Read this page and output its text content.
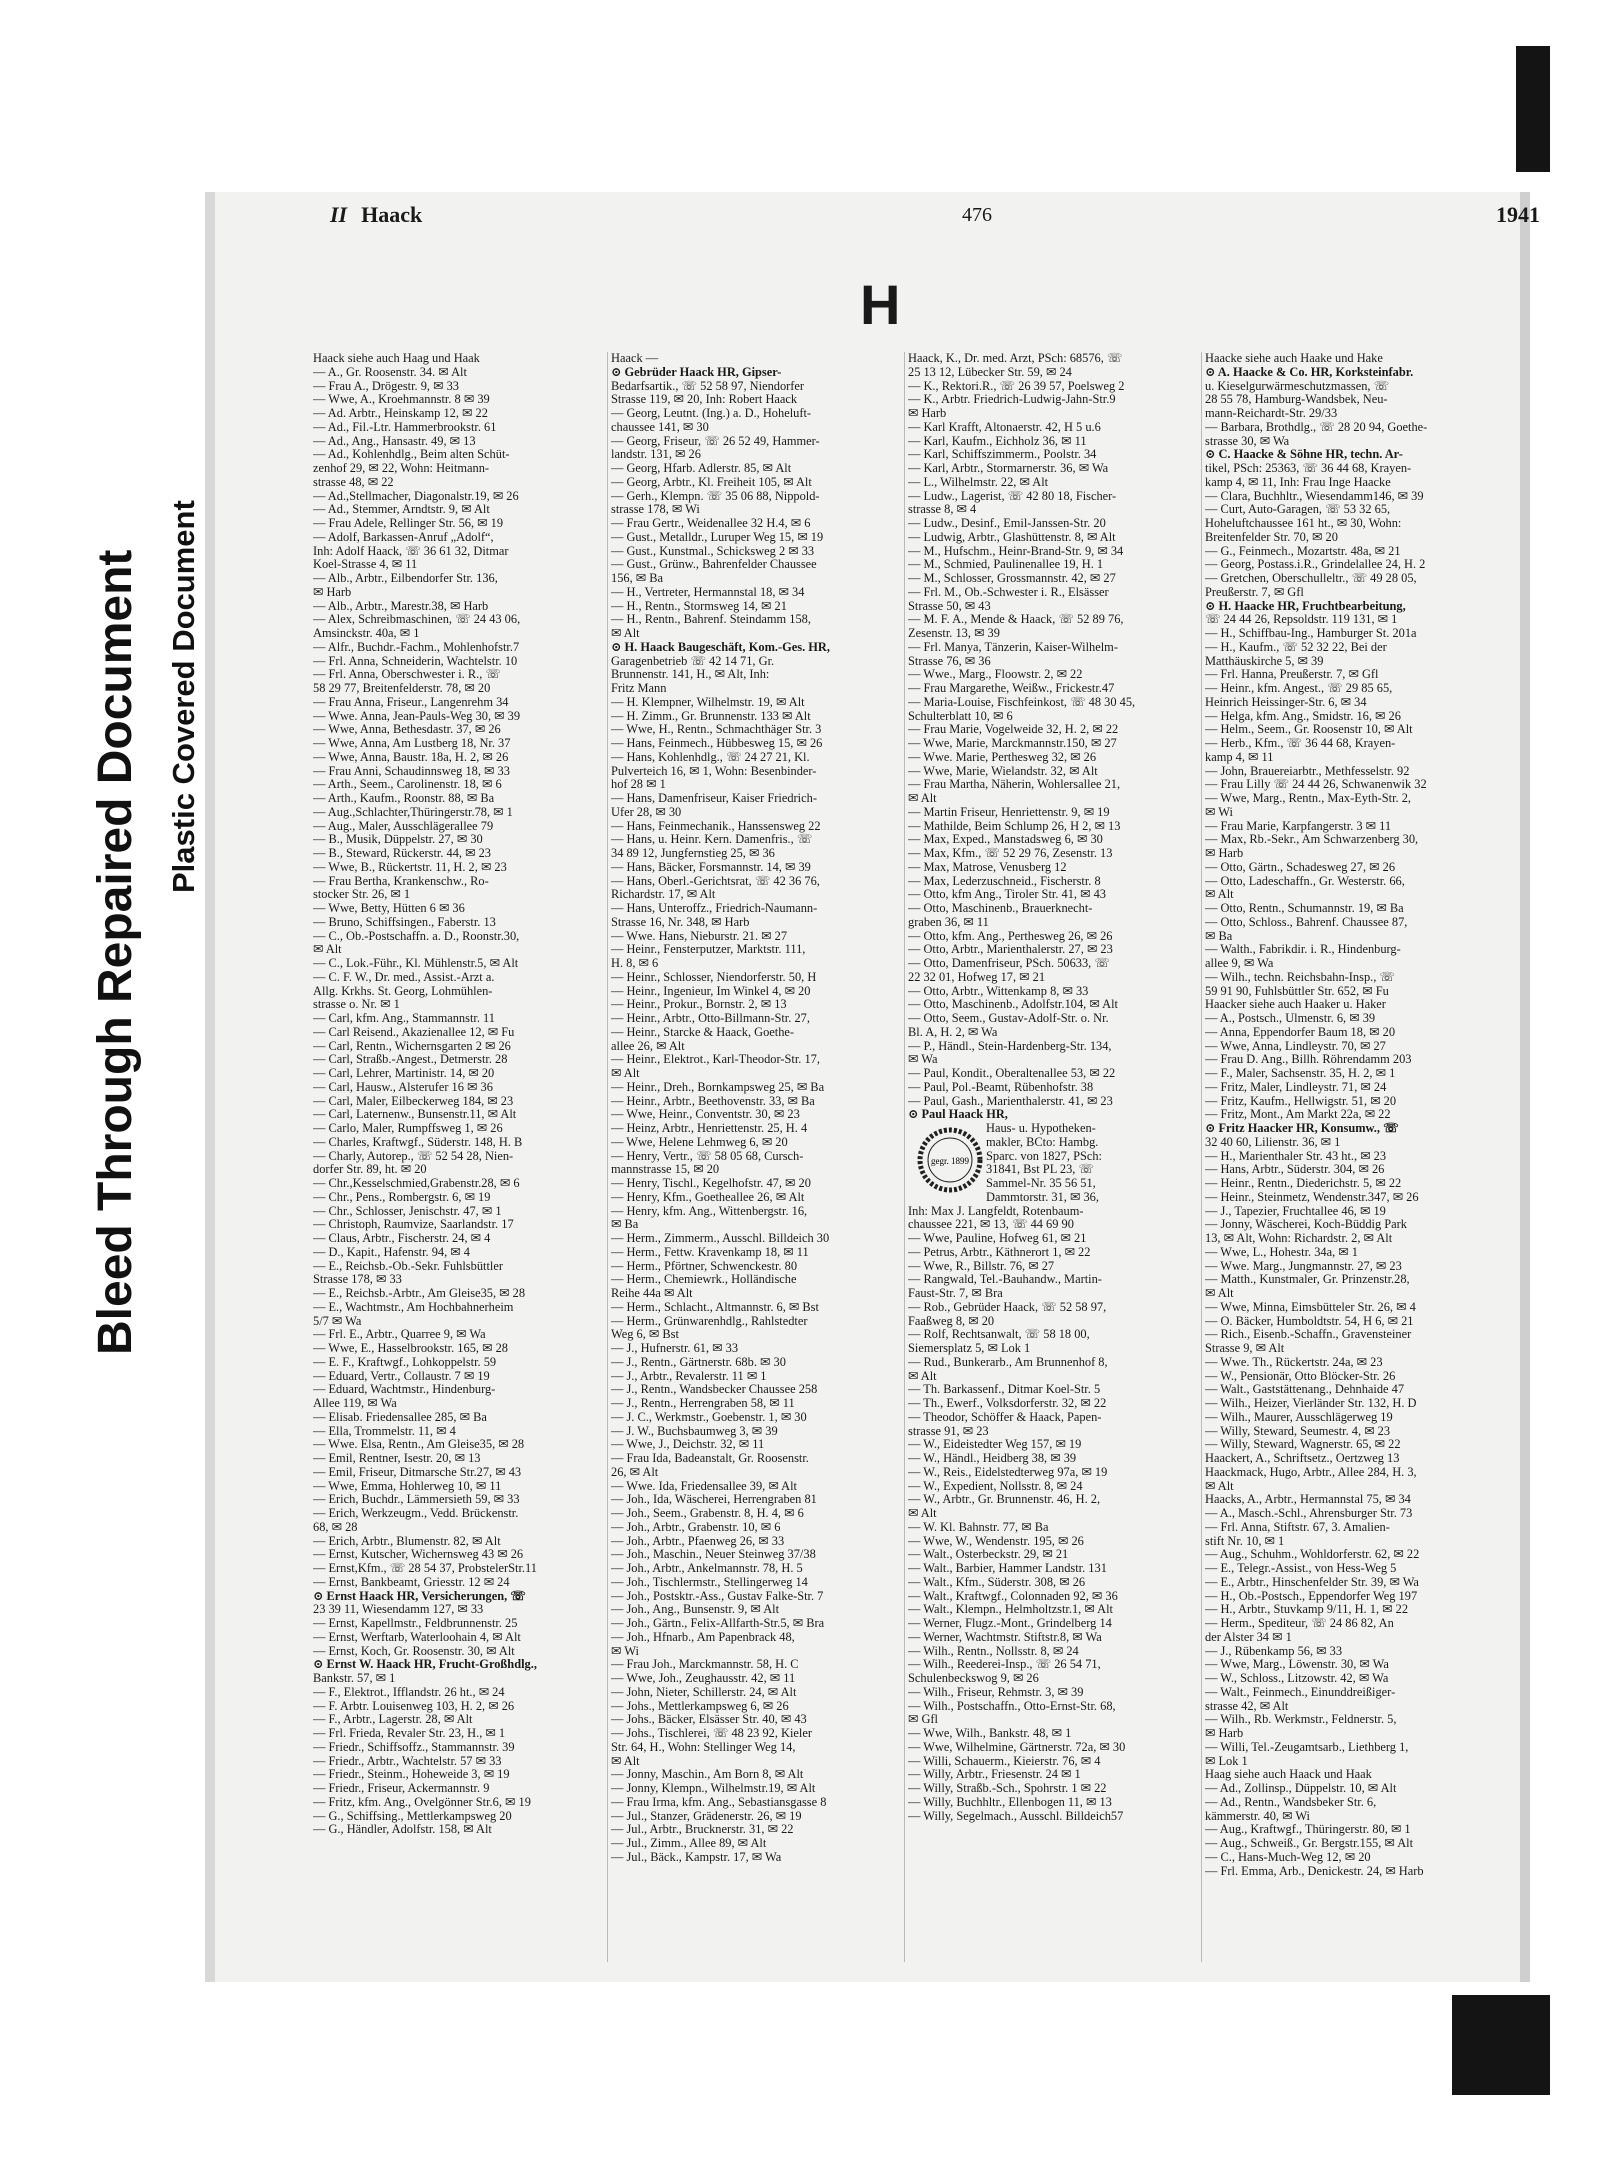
Bleed Through Repaired Document Plastic Covered Document
II Haack	476	1941
H
Haack siehe auch Haag und Haak
— A., Gr. Roosenstr. 34. ✉ Alt
— Frau A., Drögestr. 9, ✉ 33
— Wwe, A., Kroehmannstr. 8 ✉ 39
— Ad. Arbtr., Heinskamp 12, ✉ 22
— Ad., Fil.-Ltr. Hammerbrookstr. 61
— Ad., Ang., Hansastr. 49, ✉ 13
— Ad., Kohlenhdlg., Beim alten Schüt-
zenhof 29, ✉ 22, Wohn: Heitmann-
strasse 48, ✉ 22
— Ad.,Stellmacher, Diagonalstr.19, ✉ 26
— Ad., Stemmer, Arndtstr. 9, ✉ Alt
— Frau Adele, Rellinger Str. 56, ✉ 19
— Adolf, Barkassen-Anruf „Adolf“,
Inh: Adolf Haack, ☏ 36 61 32, Ditmar
Koel-Strasse 4, ✉ 11
— Alb., Arbtr., Eilbendorfer Str. 136,
✉ Harb
— Alb., Arbtr., Marestr.38, ✉ Harb
— Alex, Schreibmaschinen, ☏ 24 43 06,
Amsinckstr. 40a, ✉ 1
— Alfr., Buchdr.-Fachm., Mohlenhofstr.7
— Frl. Anna, Schneiderin, Wachtelstr. 10
— Frl. Anna, Oberschwester i. R., ☏
58 29 77, Breitenfelderstr. 78, ✉ 20
— Frau Anna, Friseur., Langenrehm 34
— Wwe. Anna, Jean-Pauls-Weg 30, ✉ 39
— Wwe, Anna, Bethesdastr. 37, ✉ 26
— Wwe, Anna, Am Lustberg 18, Nr. 37
— Wwe, Anna, Baustr. 18a, H. 2, ✉ 26
— Frau Anni, Schaudinnsweg 18, ✉ 33
— Arth., Seem., Carolinenstr. 18, ✉ 6
— Arth., Kaufm., Roonstr. 88, ✉ Ba
— Aug.,Schlachter,Thüringerstr.78, ✉ 1
— Aug., Maler, Ausschlägerallee 79
— B., Musik, Düppelstr. 27, ✉ 30
— B., Steward, Rückerstr. 44, ✉ 23
— Wwe, B., Rückertstr. 11, H. 2, ✉ 23
— Frau Bertha, Krankenschw., Ro-
stocker Str. 26, ✉ 1
— Wwe, Betty, Hütten 6 ✉ 36
— Bruno, Schiffsingen., Faberstr. 13
— C., Ob.-Postschaffn. a. D., Roonstr.30,
✉ Alt
— C., Lok.-Führ., Kl. Mühlenstr.5, ✉ Alt
— C. F. W., Dr. med., Assist.-Arzt a.
Allg. Krkhs. St. Georg, Lohmühlen-
strasse o. Nr. ✉ 1
— Carl, kfm. Ang., Stammannstr. 11
— Carl Reisend., Akazienallee 12, ✉ Fu
— Carl, Rentn., Wichernsgarten 2 ✉ 26
— Carl, Straßb.-Angest., Detmerstr. 28
— Carl, Lehrer, Martinistr. 14, ✉ 20
— Carl, Hausw., Alsterufer 16 ✉ 36
— Carl, Maler, Eilbeckerweg 184, ✉ 23
— Carl, Laternenw., Bunsenstr.11, ✉ Alt
— Carlo, Maler, Rumpffsweg 1, ✉ 26
— Charles, Kraftwgf., Süderstr. 148, H. B
— Charly, Autorep., ☏ 52 54 28, Nien-
dorfer Str. 89, ht. ✉ 20
— Chr.,Kesselschmied,Grabenstr.28, ✉ 6
— Chr., Pens., Rombergstr. 6, ✉ 19
— Chr., Schlosser, Jenischstr. 47, ✉ 1
— Christoph, Raumvize, Saarlandstr. 17
— Claus, Arbtr., Fischerstr. 24, ✉ 4
— D., Kapit., Hafenstr. 94, ✉ 4
— E., Reichsb.-Ob.-Sekr. Fuhlsbüttler
Strasse 178, ✉ 33
— E., Reichsb.-Arbtr., Am Gleise35, ✉ 28
— E., Wachtmstr., Am Hochbahnerheim
5/7 ✉ Wa
— Frl. E., Arbtr., Quarree 9, ✉ Wa
— Wwe, E., Hasselbrookstr. 165, ✉ 28
— E. F., Kraftwgf., Lohkoppelstr. 59
— Eduard, Vertr., Collaustr. 7 ✉ 19
— Eduard, Wachtmstr., Hindenburg-
Allee 119, ✉ Wa
— Elisab. Friedensallee 285, ✉ Ba
— Ella, Trommelstr. 11, ✉ 4
— Wwe. Elsa, Rentn., Am Gleise35, ✉ 28
— Emil, Rentner, Isestr. 20, ✉ 13
— Emil, Friseur, Ditmarsche Str.27, ✉ 43
— Wwe, Emma, Hohlerweg 10, ✉ 11
— Erich, Buchdr., Lämmersieth 59, ✉ 33
— Erich, Werkzeugm., Vedd. Brückenstr.
68, ✉ 28
— Erich, Arbtr., Blumenstr. 82, ✉ Alt
— Ernst, Kutscher, Wichernsweg 43 ✉ 26
— Ernst,Kfm., ☏ 28 54 37, ProbstelerStr.11
— Ernst, Bankbeamt, Griesstr. 12 ✉ 24
⊙ Ernst Haack HR, Versicherungen, ☏
23 39 11, Wiesendamm 127, ✉ 33
— Ernst, Kapellmstr., Feldbrunnenstr. 25
— Ernst, Werftarb, Waterloohain 4, ✉ Alt
— Ernst, Koch, Gr. Roosenstr. 30, ✉ Alt
⊙ Ernst W. Haack HR, Frucht-Großhdlg.,
Bankstr. 57, ✉ 1
— F., Elektrot., Ifflandstr. 26 ht., ✉ 24
— F. Arbtr. Louisenweg 103, H. 2, ✉ 26
— F., Arbtr., Lagerstr. 28, ✉ Alt
— Frl. Frieda, Revaler Str. 23, H., ✉ 1
— Friedr., Schiffsoffz., Stammannstr. 39
— Friedr., Arbtr., Wachtelstr. 57 ✉ 33
— Friedr., Steinm., Hoheweide 3, ✉ 19
— Friedr., Friseur, Ackermannstr. 9
— Fritz, kfm. Ang., Ovelgönner Str.6, ✉ 19
— G., Schiffsing., Mettlerkampsweg 20
— G., Händler, Adolfstr. 158, ✉ Alt
Haack —
⊙ Gebrüder Haack HR, Gipser-
Bedarfsartik., ☏ 52 58 97, Niendorfer
Strasse 119, ✉ 20, Inh: Robert Haack
— Georg, Leutnt. (Ing.) a. D., Hoheluft-
chaussee 141, ✉ 30
— Georg, Friseur, ☏ 26 52 49, Hammer-
landstr. 131, ✉ 26
— Georg, Hfarb. Adlerstr. 85, ✉ Alt
— Georg, Arbtr., Kl. Freiheit 105, ✉ Alt
— Gerh., Klempn. ☏ 35 06 88, Nippold-
strasse 178, ✉ Wi
— Frau Gertr., Weidenallee 32 H.4, ✉ 6
— Gust., Metalldr., Luruper Weg 15, ✉ 19
— Gust., Kunstmal., Schicksweg 2 ✉ 33
— Gust., Grünw., Bahrenfelder Chaussee
156, ✉ Ba
— H., Vertreter, Hermannstal 18, ✉ 34
— H., Rentn., Stormsweg 14, ✉ 21
— H., Rentn., Bahrenf. Steindamm 158,
✉ Alt
⊙ H. Haack Baugeschäft, Kom.-Ges. HR,
Garagenbetrieb ☏ 42 14 71, Gr.
Brunnenstr. 141, H., ✉ Alt, Inh:
Fritz Mann
— H. Klempner, Wilhelmstr. 19, ✉ Alt
— H. Zimm., Gr. Brunnenstr. 133 ✉ Alt
— Wwe, H., Rentn., Schmachthäger Str. 3
— Hans, Feinmech., Hübbesweg 15, ✉ 26
— Hans, Kohlenhdlg., ☏ 24 27 21, Kl.
Pulverteich 16, ✉ 1, Wohn: Besenbinder-
hof 28 ✉ 1
— Hans, Damenfriseur, Kaiser Friedrich-
Ufer 28, ✉ 30
— Hans, Feinmechanik., Hanssensweg 22
— Hans, u. Heinr. Kern. Damenfris., ☏
34 89 12, Jungfernstieg 25, ✉ 36
— Hans, Bäcker, Forsmannstr. 14, ✉ 39
— Hans, Oberl.-Gerichtsrat, ☏ 42 36 76,
Richardstr. 17, ✉ Alt
— Hans, Unteroffz., Friedrich-Naumann-
Strasse 16, Nr. 348, ✉ Harb
— Wwe. Hans, Nieburstr. 21. ✉ 27
— Heinr., Fensterputzer, Marktstr. 111,
H. 8, ✉ 6
— Heinr., Schlosser, Niendorferstr. 50, H
— Heinr., Ingenieur, Im Winkel 4, ✉ 20
— Heinr., Prokur., Bornstr. 2, ✉ 13
— Heinr., Arbtr., Otto-Billmann-Str. 27,
— Heinr., Starcke & Haack, Goethe-
allee 26, ✉ Alt
— Heinr., Elektrot., Karl-Theodor-Str. 17,
✉ Alt
— Heinr., Dreh., Bornkampsweg 25, ✉ Ba
— Heinr., Arbtr., Beethovenstr. 33, ✉ Ba
— Wwe, Heinr., Conventstr. 30, ✉ 23
— Heinz, Arbtr., Henriettenstr. 25, H. 4
— Wwe, Helene Lehmweg 6, ✉ 20
— Henry, Vertr., ☏ 58 05 68, Cursch-
mannstrasse 15, ✉ 20
— Henry, Tischl., Kegelhofstr. 47, ✉ 20
— Henry, Kfm., Goetheallee 26, ✉ Alt
— Henry, kfm. Ang., Wittenbergstr. 16,
✉ Ba
— Herm., Zimmerm., Ausschl. Billdeich 30
— Herm., Fettw. Kravenkamp 18, ✉ 11
— Herm., Pförtner, Schwenckestr. 80
— Herm., Chemiewrk., Holländische
Reihe 44a ✉ Alt
— Herm., Schlacht., Altmannstr. 6, ✉ Bst
— Herm., Grünwarenhdlg., Rahlstedter
Weg 6, ✉ Bst
— J., Hufnerstr. 61, ✉ 33
— J., Rentn., Gärtnerstr. 68b. ✉ 30
— J., Arbtr., Revalerstr. 11 ✉ 1
— J., Rentn., Wandsbecker Chaussee 258
— J., Rentn., Herrengraben 58, ✉ 11
— J. C., Werkmstr., Goebenstr. 1, ✉ 30
— J. W., Buchsbaumweg 3, ✉ 39
— Wwe, J., Deichstr. 32, ✉ 11
— Frau Ida, Badeanstalt, Gr. Roosenstr.
26, ✉ Alt
— Wwe. Ida, Friedensallee 39, ✉ Alt
— Joh., Ida, Wäscherei, Herrengraben 81
— Joh., Seem., Grabenstr. 8, H. 4, ✉ 6
— Joh., Arbtr., Grabenstr. 10, ✉ 6
— Joh., Arbtr., Pfaenweg 26, ✉ 33
— Joh., Maschin., Neuer Steinweg 37/38
— Joh., Arbtr., Ankelmannstr. 78, H. 5
— Joh., Tischlermstr., Stellingerweg 14
— Joh., Postsktr.-Ass., Gustav Falke-Str. 7
— Joh., Ang., Bunsenstr. 9, ✉ Alt
— Joh., Gärtn., Felix-Allfarth-Str.5, ✉ Bra
— Joh., Hfnarb., Am Papenbrack 48,
✉ Wi
— Frau Joh., Marckmannstr. 58, H. C
— Wwe, Joh., Zeughausstr. 42, ✉ 11
— John, Nieter, Schillerstr. 24, ✉ Alt
— Johs., Mettlerkampsweg 6, ✉ 26
— Johs., Bäcker, Elsässer Str. 40, ✉ 43
— Johs., Tischlerei, ☏ 48 23 92, Kieler
Str. 64, H., Wohn: Stellinger Weg 14,
✉ Alt
— Jonny, Maschin., Am Born 8, ✉ Alt
— Jonny, Klempn., Wilhelmstr.19, ✉ Alt
— Frau Irma, kfm. Ang., Sebastiansgasse 8
— Jul., Stanzer, Grädenerstr. 26, ✉ 19
— Jul., Arbtr., Brucknerstr. 31, ✉ 22
— Jul., Zimm., Allee 89, ✉ Alt
— Jul., Bäck., Kampstr. 17, ✉ Wa
Haack, K., Dr. med. Arzt, PSch: 68576, ☏
25 13 12, Lübecker Str. 59, ✉ 24
— K., Rektori.R., ☏ 26 39 57, Poelsweg 2
— K., Arbtr. Friedrich-Ludwig-Jahn-Str.9
✉ Harb
— Karl Krafft, Altonaerstr. 42, H 5 u.6
— Karl, Kaufm., Eichholz 36, ✉ 11
— Karl, Schiffszimmerm., Poolstr. 34
— Karl, Arbtr., Stormarnerstr. 36, ✉ Wa
— L., Wilhelmstr. 22, ✉ Alt
— Ludw., Lagerist, ☏ 42 80 18, Fischer-
strasse 8, ✉ 4
— Ludw., Desinf., Emil-Janssen-Str. 20
— Ludwig, Arbtr., Glashüttenstr. 8, ✉ Alt
— M., Hufschm., Heinr-Brand-Str. 9, ✉ 34
— M., Schmied, Paulinenallee 19, H. 1
— M., Schlosser, Grossmannstr. 42, ✉ 27
— Frl. M., Ob.-Schwester i. R., Elsässer
Strasse 50, ✉ 43
— M. F. A., Mende & Haack, ☏ 52 89 76,
Zesenstr. 13, ✉ 39
— Frl. Manya, Tänzerin, Kaiser-Wilhelm-
Strasse 76, ✉ 36
— Wwe., Marg., Floowstr. 2, ✉ 22
— Frau Margarethe, Weißw., Frickestr.47
— Maria-Louise, Fischfeinkost, ☏ 48 30 45,
Schulterblatt 10, ✉ 6
— Frau Marie, Vogelweide 32, H. 2, ✉ 22
— Wwe, Marie, Marckmannstr.150, ✉ 27
— Wwe. Marie, Perthesweg 32, ✉ 26
— Wwe, Marie, Wielandstr. 32, ✉ Alt
— Frau Martha, Näherin, Wohlersallee 21,
✉ Alt
— Martin Friseur, Henriettenstr. 9, ✉ 19
— Mathilde, Beim Schlump 26, H 2, ✉ 13
— Max, Exped., Manstadsweg 6, ✉ 30
— Max, Kfm., ☏ 52 29 76, Zesenstr. 13
— Max, Matrose, Venusberg 12
— Max, Lederzuschneid., Fischerstr. 8
— Otto, kfm Ang., Tiroler Str. 41, ✉ 43
— Otto, Maschinenb., Brauerknecht-
graben 36, ✉ 11
— Otto, kfm. Ang., Perthesweg 26, ✉ 26
— Otto, Arbtr., Marienthalerstr. 27, ✉ 23
— Otto, Damenfriseur, PSch. 50633, ☏
22 32 01, Hofweg 17, ✉ 21
— Otto, Arbtr., Wittenkamp 8, ✉ 33
— Otto, Maschinenb., Adolfstr.104, ✉ Alt
— Otto, Seem., Gustav-Adolf-Str. o. Nr.
Bl. A, H. 2, ✉ Wa
— P., Händl., Stein-Hardenberg-Str. 134,
✉ Wa
— Paul, Kondit., Oberaltenallee 53, ✉ 22
— Paul, Pol.-Beamt, Rübenhofstr. 38
— Paul, Gash., Marienthalerstr. 41, ✉ 23
⊙ Paul Haack HR,
gegr. 1899
Haus- u. Hypotheken-
makler, BCto: Hambg.
Sparc. von 1827, PSch:
31841, Bst PL 23, ☏
Sammel-Nr. 35 56 51,
Dammtorstr. 31, ✉ 36,
Inh: Max J. Langfeldt, Rotenbaum-
chaussee 221, ✉ 13, ☏ 44 69 90
— Wwe, Pauline, Hofweg 61, ✉ 21
— Petrus, Arbtr., Käthnerort 1, ✉ 22
— Wwe, R., Billstr. 76, ✉ 27
— Rangwald, Tel.-Bauhandw., Martin-
Faust-Str. 7, ✉ Bra
— Rob., Gebrüder Haack, ☏ 52 58 97,
Faaßweg 8, ✉ 20
— Rolf, Rechtsanwalt, ☏ 58 18 00,
Siemersplatz 5, ✉ Lok 1
— Rud., Bunkerarb., Am Brunnenhof 8,
✉ Alt
— Th. Barkassenf., Ditmar Koel-Str. 5
— Th., Ewerf., Volksdorferstr. 32, ✉ 22
— Theodor, Schöffer & Haack, Papen-
strasse 91, ✉ 23
— W., Eideistedter Weg 157, ✉ 19
— W., Händl., Heidberg 38, ✉ 39
— W., Reis., Eidelstedterweg 97a, ✉ 19
— W., Expedient, Nollsstr. 8, ✉ 24
— W., Arbtr., Gr. Brunnenstr. 46, H. 2,
✉ Alt
— W. Kl. Bahnstr. 77, ✉ Ba
— Wwe, W., Wendenstr. 195, ✉ 26
— Walt., Osterbeckstr. 29, ✉ 21
— Walt., Barbier, Hammer Landstr. 131
— Walt., Kfm., Süderstr. 308, ✉ 26
— Walt., Kraftwgf., Colonnaden 92, ✉ 36
— Walt., Klempn., Helmholtzstr.1, ✉ Alt
— Werner, Flugz.-Mont., Grindelberg 14
— Werner, Wachtmstr. Stiftstr.8, ✉ Wa
— Wilh., Rentn., Nollsstr. 8, ✉ 24
— Wilh., Reederei-Insp., ☏ 26 54 71,
Schulenbeckswog 9, ✉ 26
— Wilh., Friseur, Rehmstr. 3, ✉ 39
— Wilh., Postschaffn., Otto-Ernst-Str. 68,
✉ Gfl
— Wwe, Wilh., Bankstr. 48, ✉ 1
— Wwe, Wilhelmine, Gärtnerstr. 72a, ✉ 30
— Willi, Schauerm., Kieierstr. 76, ✉ 4
— Willy, Arbtr., Friesenstr. 24 ✉ 1
— Willy, Straßb.-Sch., Spohrstr. 1 ✉ 22
— Willy, Buchhltr., Ellenbogen 11, ✉ 13
— Willy, Segelmach., Ausschl. Billdeich57
Haacke siehe auch Haake und Hake
⊙ A. Haacke & Co. HR, Korksteinfabr.
u. Kieselgurwärmeschutzmassen, ☏
28 55 78, Hamburg-Wandsbek, Neu-
mann-Reichardt-Str. 29/33
— Barbara, Brothdlg., ☏ 28 20 94, Goethe-
strasse 30, ✉ Wa
⊙ C. Haacke & Söhne HR, techn. Ar-
tikel, PSch: 25363, ☏ 36 44 68, Krayen-
kamp 4, ✉ 11, Inh: Frau Inge Haacke
— Clara, Buchhltr., Wiesendamm146, ✉ 39
— Curt, Auto-Garagen, ☏ 53 32 65,
Hoheluftchaussee 161 ht., ✉ 30, Wohn:
Breitenfelder Str. 70, ✉ 20
— G., Feinmech., Mozartstr. 48a, ✉ 21
— Georg, Postass.i.R., Grindelallee 24, H. 2
— Gretchen, Oberschulleltr., ☏ 49 28 05,
Preußerstr. 7, ✉ Gfl
⊙ H. Haacke HR, Fruchtbearbeitung,
☏ 24 44 26, Repsoldstr. 119 131, ✉ 1
— H., Schiffbau-Ing., Hamburger St. 201a
— H., Kaufm., ☏ 52 32 22, Bei der
Matthäuskirche 5, ✉ 39
— Frl. Hanna, Preußerstr. 7, ✉ Gfl
— Heinr., kfm. Angest., ☏ 29 85 65,
Heinrich Heissinger-Str. 6, ✉ 34
— Helga, kfm. Ang., Smidstr. 16, ✉ 26
— Helm., Seem., Gr. Roosenstr 10, ✉ Alt
— Herb., Kfm., ☏ 36 44 68, Krayen-
kamp 4, ✉ 11
— John, Brauereiarbtr., Methfesselstr. 92
— Frau Lilly ☏ 24 44 26, Schwanenwik 32
— Wwe, Marg., Rentn., Max-Eyth-Str. 2,
✉ Wi
— Frau Marie, Karpfangerstr. 3 ✉ 11
— Max, Rb.-Sekr., Am Schwarzenberg 30,
✉ Harb
— Otto, Gärtn., Schadesweg 27, ✉ 26
— Otto, Ladeschaffn., Gr. Westerstr. 66,
✉ Alt
— Otto, Rentn., Schumannstr. 19, ✉ Ba
— Otto, Schloss., Bahrenf. Chaussee 87,
✉ Ba
— Walth., Fabrikdir. i. R., Hindenburg-
allee 9, ✉ Wa
— Wilh., techn. Reichsbahn-Insp., ☏
59 91 90, Fuhlsbüttler Str. 652, ✉ Fu
Haacker siehe auch Haaker u. Haker
— A., Postsch., Ulmenstr. 6, ✉ 39
— Anna, Eppendorfer Baum 18, ✉ 20
— Wwe, Anna, Lindleystr. 70, ✉ 27
— Frau D. Ang., Billh. Röhrendamm 203
— F., Maler, Sachsenstr. 35, H. 2, ✉ 1
— Fritz, Maler, Lindleystr. 71, ✉ 24
— Fritz, Kaufm., Hellwigstr. 51, ✉ 20
— Fritz, Mont., Am Markt 22a, ✉ 22
⊙ Fritz Haacker HR, Konsumw., ☏
32 40 60, Lilienstr. 36, ✉ 1
— H., Marienthaler Str. 43 ht., ✉ 23
— Hans, Arbtr., Süderstr. 304, ✉ 26
— Heinr., Rentn., Diederichstr. 5, ✉ 22
— Heinr., Steinmetz, Wendenstr.347, ✉ 26
— J., Tapezier, Fruchtallee 46, ✉ 19
— Jonny, Wäscherei, Koch-Büddig Park
13, ✉ Alt, Wohn: Richardstr. 2, ✉ Alt
— Wwe, L., Hohestr. 34a, ✉ 1
— Wwe. Marg., Jungmannstr. 27, ✉ 23
— Matth., Kunstmaler, Gr. Prinzenstr.28,
✉ Alt
— Wwe, Minna, Eimsbütteler Str. 26, ✉ 4
— O. Bäcker, Humboldtstr. 54, H 6, ✉ 21
— Rich., Eisenb.-Schaffn., Gravensteiner
Strasse 9, ✉ Alt
— Wwe. Th., Rückertstr. 24a, ✉ 23
— W., Pensionär, Otto Blöcker-Str. 26
— Walt., Gaststättenang., Dehnhaide 47
— Wilh., Heizer, Vierländer Str. 132, H. D
— Wilh., Maurer, Ausschlägerweg 19
— Willy, Steward, Seumestr. 4, ✉ 23
— Willy, Steward, Wagnerstr. 65, ✉ 22
Haackert, A., Schriftsetz., Oertzweg 13
Haackmack, Hugo, Arbtr., Allee 284, H. 3,
✉ Alt
Haacks, A., Arbtr., Hermannstal 75, ✉ 34
— A., Masch.-Schl., Ahrensburger Str. 73
— Frl. Anna, Stiftstr. 67, 3. Amalien-
stift Nr. 10, ✉ 1
— Aug., Schuhm., Wohldorferstr. 62, ✉ 22
— E., Telegr.-Assist., von Hess-Weg 5
— E., Arbtr., Hinschenfelder Str. 39, ✉ Wa
— H., Ob.-Postsch., Eppendorfer Weg 197
— H., Arbtr., Stuvkamp 9/11, H. 1, ✉ 22
— Herm., Spediteur, ☏ 24 86 82, An
der Alster 34 ✉ 1
— J., Rübenkamp 56, ✉ 33
— Wwe, Marg., Löwenstr. 30, ✉ Wa
— W., Schloss., Litzowstr. 42, ✉ Wa
— Walt., Feinmech., Einunddreißiger-
strasse 42, ✉ Alt
— Wilh., Rb. Werkmstr., Feldnerstr. 5,
✉ Harb
— Willi, Tel.-Zeugamtsarb., Liethberg 1,
✉ Lok 1
Haag siehe auch Haack und Haak
— Ad., Zollinsp., Düppelstr. 10, ✉ Alt
— Ad., Rentn., Wandsbeker Str. 6,
kämmerstr. 40, ✉ Wi
— Aug., Kraftwgf., Thüringerstr. 80, ✉ 1
— Aug., Schweiß., Gr. Bergstr.155, ✉ Alt
— C., Hans-Much-Weg 12, ✉ 20
— Frl. Emma, Arb., Denickestr. 24, ✉ Harb
